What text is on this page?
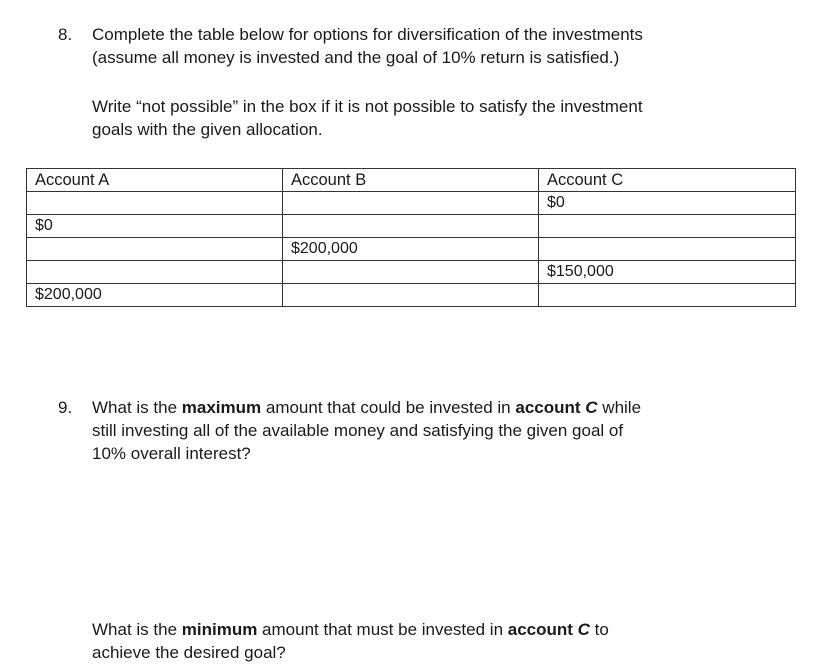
8. Complete the table below for options for diversification of the investments
(assume all money is invested and the goal of 10% return is satisfied.)
Write “not possible” in the box if it is not possible to satisfy the investment
goals with the given allocation.
Account A	Account B	Account C
		$0
$0		
	$200,000	
		$150,000
$200,000		
9. What is the maximum amount that could be invested in account C while
still investing all of the available money and satisfying the given goal of
10% overall interest?
What is the minimum amount that must be invested in account C to
achieve the desired goal?
